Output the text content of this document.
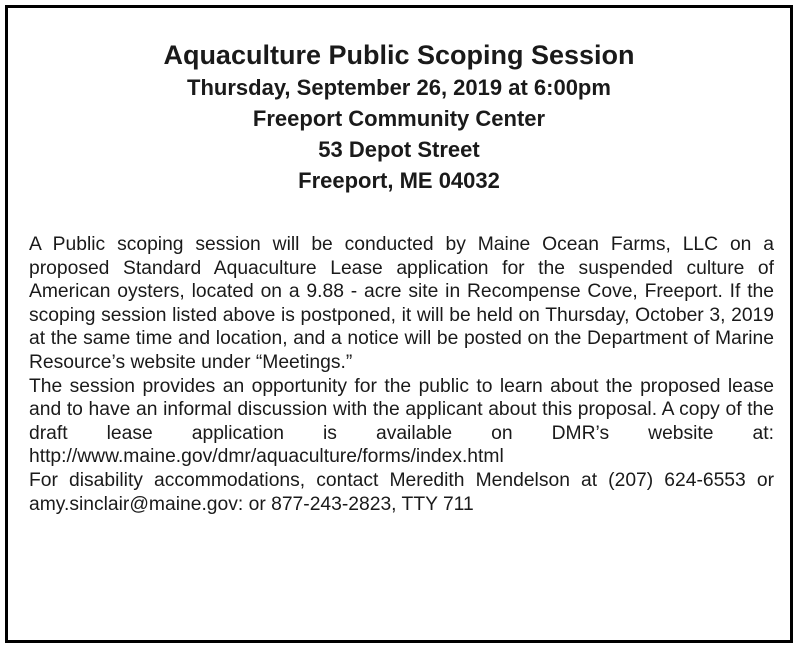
Aquaculture Public Scoping Session

Thursday, September 26, 2019 at 6:00pm

Freeport Community Center

53 Depot Street

Freeport, ME 04032

A Public scoping session will be conducted by Maine Ocean Farms, LLC on a proposed Standard Aquaculture Lease application for the suspended culture of American oysters, located on a 9.88 - acre site in Recompense Cove, Freeport. If the scoping session listed above is postponed, it will be held on Thursday, October 3, 2019 at the same time and location, and a notice will be posted on the Department of Marine Resource’s website under “Meetings.”

The session provides an opportunity for the public to learn about the proposed lease and to have an informal discussion with the applicant about this proposal. A copy of the draft lease application is available on DMR’s website at: http://www.maine.gov/dmr/aquaculture/forms/index.html

For disability accommodations, contact Meredith Mendelson at (207) 624-6553 or amy.sinclair@maine.gov: or 877-243-2823, TTY 711
